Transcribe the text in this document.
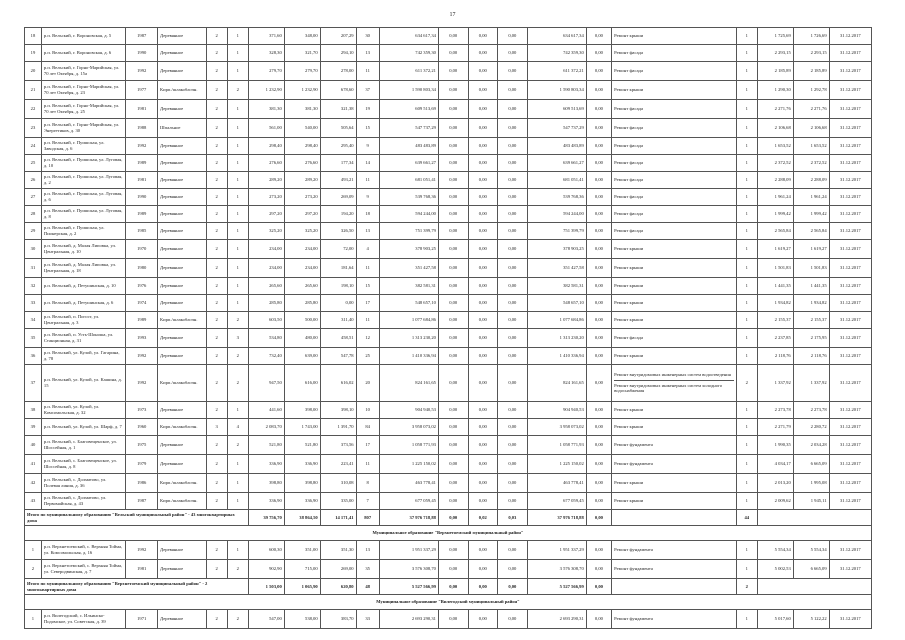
17
18	р.п. Вельский, г. Вороновская, д. 5	1987	Деревянное	2	1	371,60	348,00	207,29	30	634 617,34	0,00	0,00	0,00	634 617,34	0,00	Ремонт крыши	1	1 725,69	1 726,69	31.12.2017
19	р.п. Вельский, г. Вороновская, д. 6	1990	Деревянное	2	1	328,30	321,70	294,10	13	742 359,30	0,00	0,00	0,00	742 359,30	0,00	Ремонт фасада	1	2 293,15	2 293,15	31.12.2017
20	р.п. Вельский, г. Горно-Марийская, ул. 70 лет Октября, д. 15а	1992	Деревянное	2	1	279,70	279,70	278,00	11	611 372,21	0,00	0,00	0,00	611 372,21	0,00	Ремонт фасада	1	2 185,89	2 185,89	31.12.2017
21	р.п. Вельский, г. Горно-Марийская, ул. 70 лет Октября, д. 23	1977	Кирп./шлакоблочн.	2	2	1 232,90	1 232,90	678,60	37	1 590 803,34	0,00	0,00	0,00	1 590 803,34	0,00	Ремонт крыши	1	1 290,30	1 292,78	31.12.2017
22	р.п. Вельский, г. Горно-Марийская, ул. 70 лет Октября, д. 25	1981	Деревянное	2	1	381,30	381,30	321,38	19	609 513,69	0,00	0,00	0,00	609 513,69	0,00	Ремонт фасада	1	2 271,76	2 271,76	31.12.2017
23	р.п. Вельский, г. Горно-Марийская, ул. Энергетиков, д. 30	1988	Шпальное	2	1	561,00	540,00	505,64	15	547 737,29	0,00	0,00	0,00	547 737,29	0,00	Ремонт фасада	1	2 106,68	2 106,68	31.12.2017
24	р.п. Вельский, г. Пуишская, ул. Заводская, д. 6	1992	Деревянное	2	1	298,40	298,40	295,40	9	483 483,89	0,00	0,00	0,00	483 483,89	0,00	Ремонт фасада	1	1 653,52	1 653,52	31.12.2017
25	р.п. Вельский, г. Пуишская, ул. Луговая, д. 10	1989	Деревянное	2	1	276,60	276,60	177,34	14	639 661,27	0,00	0,00	0,00	639 661,27	0,00	Ремонт фасада	1	2 372,52	2 372,52	31.12.2017
26	р.п. Вельский, г. Пуишская, ул. Луговая, д. 2	1981	Деревянное	2	1	289,20	289,20	493,21	11	681 051,41	0,00	0,00	0,00	681 051,41	0,00	Ремонт фасада	1	2 288,09	2 288,09	31.12.2017
27	р.п. Вельский, г. Пуишская, ул. Луговая, д. 6	1990	Деревянное	2	1	273,20	273,20	269,09	9	539 768,36	0,00	0,00	0,00	539 768,36	0,00	Ремонт фасада	1	1 961,24	1 961,24	31.12.2017
28	р.п. Вельский, г. Пуишская, ул. Луговая, д. 8	1989	Деревянное	2	1	297,20	297,20	194,20	18	594 244,00	0,00	0,00	0,00	594 244,00	0,00	Ремонт фасада	1	1 999,42	1 999,42	31.12.2017
29	р.п. Вельский, г. Пуишская, ул. Пионерская, д. 2	1985	Деревянное	2	1	325,20	325,20	326,50	13	751 399,79	0,00	0,00	0,00	751 399,79	0,00	Ремонт фасада	1	2 565,84	2 565,84	31.12.2017
30	р.п. Вельский, д. Малая Липовка, ул. Центральная, д. 10	1970	Деревянное	2	1	234,00	234,00	72,00	4	378 903,25	0,00	0,00	0,00	378 903,25	0,00	Ремонт крыши	1	1 619,27	1 619,27	31.12.2017
31	р.п. Вельский, д. Малая Липовка, ул. Центральная, д. 18	1980	Деревянное	2	1	234,00	234,00	181,64	11	351 427,58	0,00	0,00	0,00	351 427,58	0,00	Ремонт крыши	1	1 501,83	1 501,83	31.12.2017
32	р.п. Вельский, д. Петушинская, д. 10	1976	Деревянное	2	1	265,60	265,60	198,10	15	382 581,31	0,00	0,00	0,00	382 581,31	0,00	Ремонт крыши	1	1 441,35	1 441,35	31.12.2017
33	р.п. Вельский, д. Петушинская, д. 6	1974	Деревянное	2	1	285,80	285,80	0,00	17	548 657,10	0,00	0,00	0,00	548 657,10	0,00	Ремонт крыши	1	1 934,82	1 934,82	31.12.2017
34	р.п. Вельский, п. Погост, ул. Центральная, д. 3	1989	Кирп./шлакоблочн.	2	2	603,50	500,00	311,40	11	1 077 684,86	0,00	0,00	0,00	1 077 684,86	0,00	Ремонт крыши	1	2 155,37	2 155,37	31.12.2017
35	р.п. Вельский, п. Усть-Шоноша, ул. Станционная, д. 31	1993	Деревянное	2	3	534,80	480,00	458,51	12	1 313 230,20	0,00	0,00	0,00	1 313 230,20	0,00	Ремонт фасада	1	2 237,85	2 175,95	31.12.2017
36	р.п. Вельский, ул. Кулой, ул. Гагарина, д. 78	1992	Деревянное	2	2	732,40	639,00	547,78	25	1 410 336,94	0,00	0,00	0,00	1 410 336,94	0,00	Ремонт крыши	1	2 118,76	2 118,76	31.12.2017
37	р.п. Вельский, ул. Кулой, ул. Кашина, д. 15	1992	Кирп./шлакоблочн.	2	2	947,50	616,00	616,02	20	824 161,65	0,00	0,00	0,00	824 161,65	0,00	Ремонт внутридомовых инженерных систем водоотведения
Ремонт внутридомовых инженерных систем холодного водоснабжения	2	1 337,92	1 337,92	31.12.2017
38	р.п. Вельский, ул. Кулой, ул. Комсомольская, д. 32	1973	Деревянное	2	1	441,60	398,00	398,10	10	904 940,53	0,00	0,00	0,00	904 940,53	0,00	Ремонт крыши	1	2 273,78	2 273,78	31.12.2017
39	р.п. Вельский, ул. Кулой, ул. Шарф, д. 7	1960	Кирп./шлакоблочн.	3	4	2 083,70	1 743,00	1 391,70	84	3 958 073,02	0,00	0,00	0,00	3 958 073,02	0,00	Ремонт крыши	1	2 271,79	2 280,72	31.12.2017
40	р.п. Вельский, с. Благовещенское, ул. Шоссейная, д. 1	1975	Деревянное	2	2	521,80	521,80	373,56	17	1 058 771,93	0,00	0,00	0,00	1 058 771,93	0,00	Ремонт фундамента	1	1 990,35	2 034,28	31.12.2017
41	р.п. Вельский, с. Благовещенское, ул. Шоссейная, д. 8	1979	Деревянное	2	1	336,90	336,90	223,41	11	1 225 150,02	0,00	0,00	0,00	1 225 150,02	0,00	Ремонт фундамента	1	4 034,17	6 665,09	31.12.2017
42	р.п. Вельский, с. Долматово, ул. Полевая линия, д. 36	1986	Кирп./шлакоблочн.	2	1	398,80	398,80	310,08	8	463 778,41	0,00	0,00	0,00	463 778,41	0,00	Ремонт крыши	1	2 013,20	1 995,08	31.12.2017
43	р.п. Вельский, с. Долматово, ул. Первомайская, д. 43	1987	Кирп./шлакоблочн.	2	1	336,90	336,90	335,00	7	677 059,45	0,00	0,00	0,00	677 059,45	0,00	Ремонт крыши	1	2 009,62	1 945,11	31.12.2017
Итого по муниципальному образованию "Вельский муниципальный район" - 43 многоквартирных дома						39 756,70	38 864,50	14 171,41	807	37 976 718,88	0,00	0,02	0,03	37 976 718,88	0,00		44			
Муниципальное образование "Верхнетоемский муниципальный район"																				
1	р.п. Верхнетоемский, с. Верхняя Тойма, ул. Комсомольская, д. 16	1992	Деревянное	2	1	600,30	351,00	351,30	13	1 951 337,29	0,00	0,00	0,00	1 951 337,29	0,00	Ремонт фундамента	1	5 554,34	5 554,34	31.12.2017
2	р.п. Верхнетоемский, с. Верхняя Тойма, ул. Северодвинская, д. 7	1981	Деревянное	2	2	902,90	715,00	269,00	35	3 576 308,70	0,00	0,00	0,00	3 576 308,70	0,00	Ремонт фундамента	1	5 002,53	6 665,09	31.12.2017
Итого по муниципальному образованию "Верхнетоемский муниципальный район" - 2 многоквартирных дома						1 503,00	1 065,90	620,80	48	5 527 566,99	0,00	0,00	0,00	5 527 566,99	0,00		2			
Муниципальное образование "Вилегодский муниципальный район"																				
1	р.п. Вилегодский, с. Ильинско-Подомское, ул. Советская, д. 39	1971	Деревянное	2	2	547,00	538,00	383,70	33	2 693 290,31	0,00	0,00	0,00	2 693 290,31	0,00	Ремонт фундамента	1	5 017,60	5 122,22	31.12.2017
